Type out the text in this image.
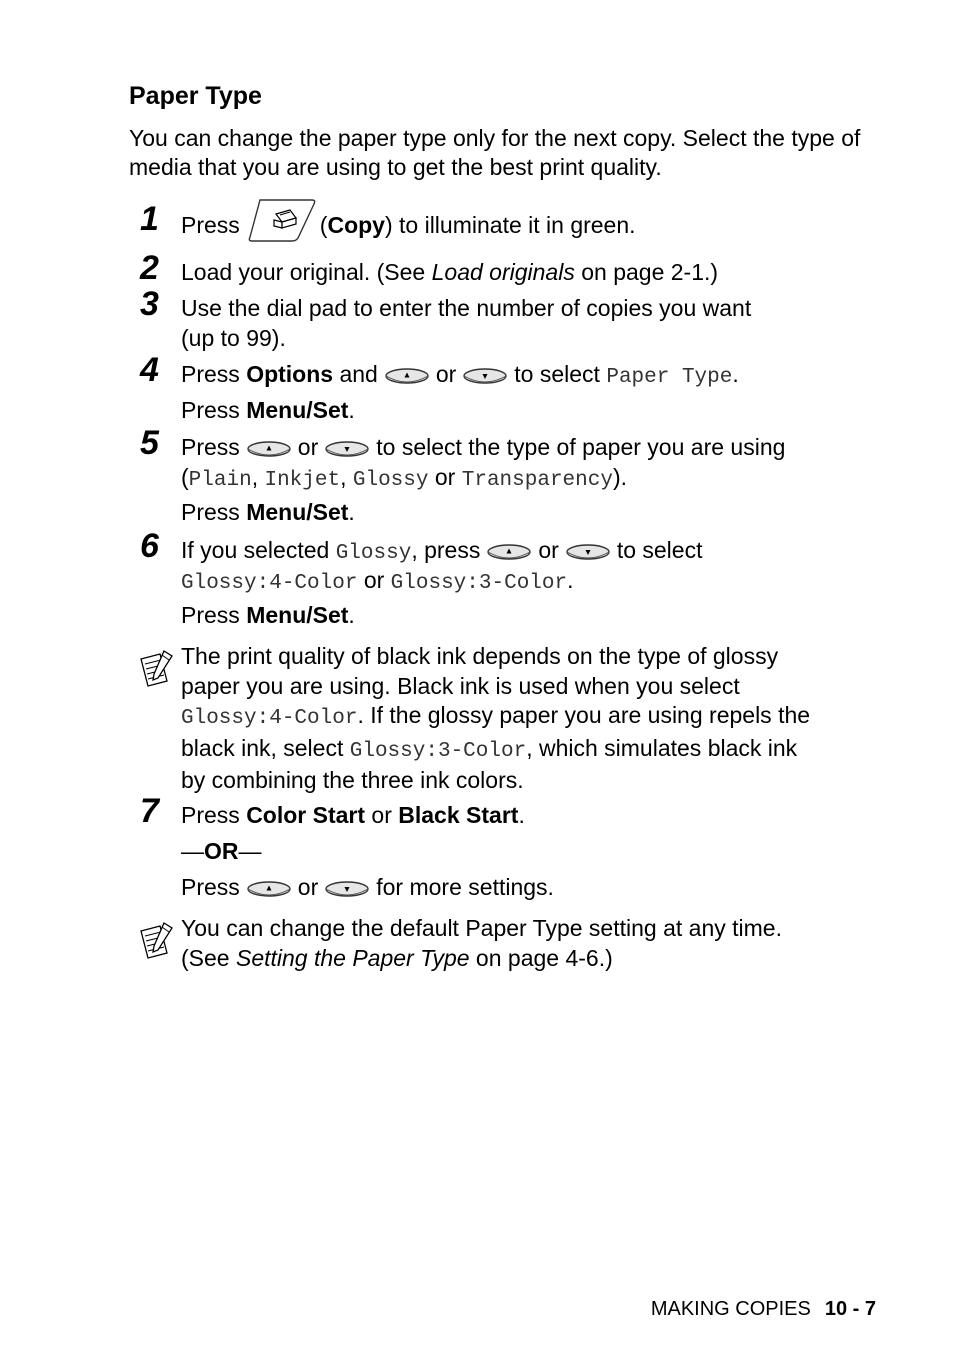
Paper Type
You can change the paper type only for the next copy. Select the type of media that you are using to get the best print quality.
1 Press	(Copy) to illuminate it in green.
2 Load your original. (See Load originals on page 2-1.)
3 Use the dial pad to enter the number of copies you want
(up to 99).
4 Press Options and	or	to select Paper Type.
Press Menu/Set.
5 Press	or	to select the type of paper you are using
(Plain, Inkjet, Glossy or Transparency).
Press Menu/Set.
6 If you selected Glossy, press	or	to select
Glossy:4-Color or Glossy:3-Color.
Press Menu/Set.
The print quality of black ink depends on the type of glossy
paper you are using. Black ink is used when you select
Glossy:4-Color. If the glossy paper you are using repels the
black ink, select Glossy:3-Color, which simulates black ink
by combining the three ink colors.
7 Press Color Start or Black Start.
—OR—
Press	or	for more settings.
You can change the default Paper Type setting at any time.
(See Setting the Paper Type on page 4-6.)
MAKING COPIES 10 - 7
